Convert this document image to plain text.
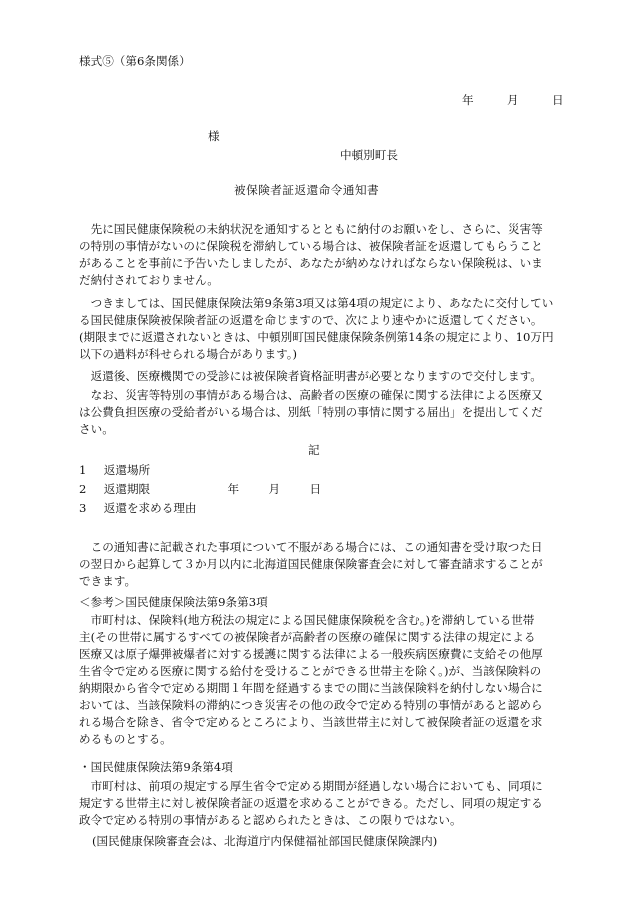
様式⑤（第6条関係）
年	月	日
様
中頓別町長
被保険者証返還命令通知書
　先に国民健康保険税の未納状況を通知するとともに納付のお願いをし、さらに、災害等
の特別の事情がないのに保険税を滞納している場合は、被保険者証を返還してもらうこと
があることを事前に予告いたしましたが、あなたが納めなければならない保険税は、いま
だ納付されておりません。
　つきましては、国民健康保険法第9条第3項又は第4項の規定により、あなたに交付してい
る国民健康保険被保険者証の返還を命じますので、次により速やかに返還してください。
(期限までに返還されないときは、中頓別町国民健康保険条例第14条の規定により、10万円
以下の過料が科せられる場合があります。)
　返還後、医療機関での受診には被保険者資格証明書が必要となりますので交付します。
　なお、災害等特別の事情がある場合は、高齢者の医療の確保に関する法律による医療又
は公費負担医療の受給者がいる場合は、別紙「特別の事情に関する届出」を提出してくだ
さい。
記
1 返還場所
2 返還期限	年	月	日
3 返還を求める理由
　この通知書に記載された事項について不服がある場合には、この通知書を受け取つた日
の翌日から起算して３か月以内に北海道国民健康保険審査会に対して審査請求することが
できます。
＜参考＞国民健康保険法第9条第3項
　市町村は、保険料(地方税法の規定による国民健康保険税を含む。)を滞納している世帯
主(その世帯に属するすべての被保険者が高齢者の医療の確保に関する法律の規定による
医療又は原子爆弾被爆者に対する援護に関する法律による一般疾病医療費に支給その他厚
生省令で定める医療に関する給付を受けることができる世帯主を除く。)が、当該保険料の
納期限から省令で定める期間１年間を経過するまでの間に当該保険料を納付しない場合に
おいては、当該保険料の滞納につき災害その他の政令で定める特別の事情があると認めら
れる場合を除き、省令で定めるところにより、当該世帯主に対して被保険者証の返還を求
めるものとする。
・国民健康保険法第9条第4項
　市町村は、前項の規定する厚生省令で定める期間が経過しない場合においても、同項に
規定する世帯主に対し被保険者証の返還を求めることができる。ただし、同項の規定する
政令で定める特別の事情があると認められたときは、この限りではない。
(国民健康保険審査会は、北海道庁内保健福祉部国民健康保険課内)
